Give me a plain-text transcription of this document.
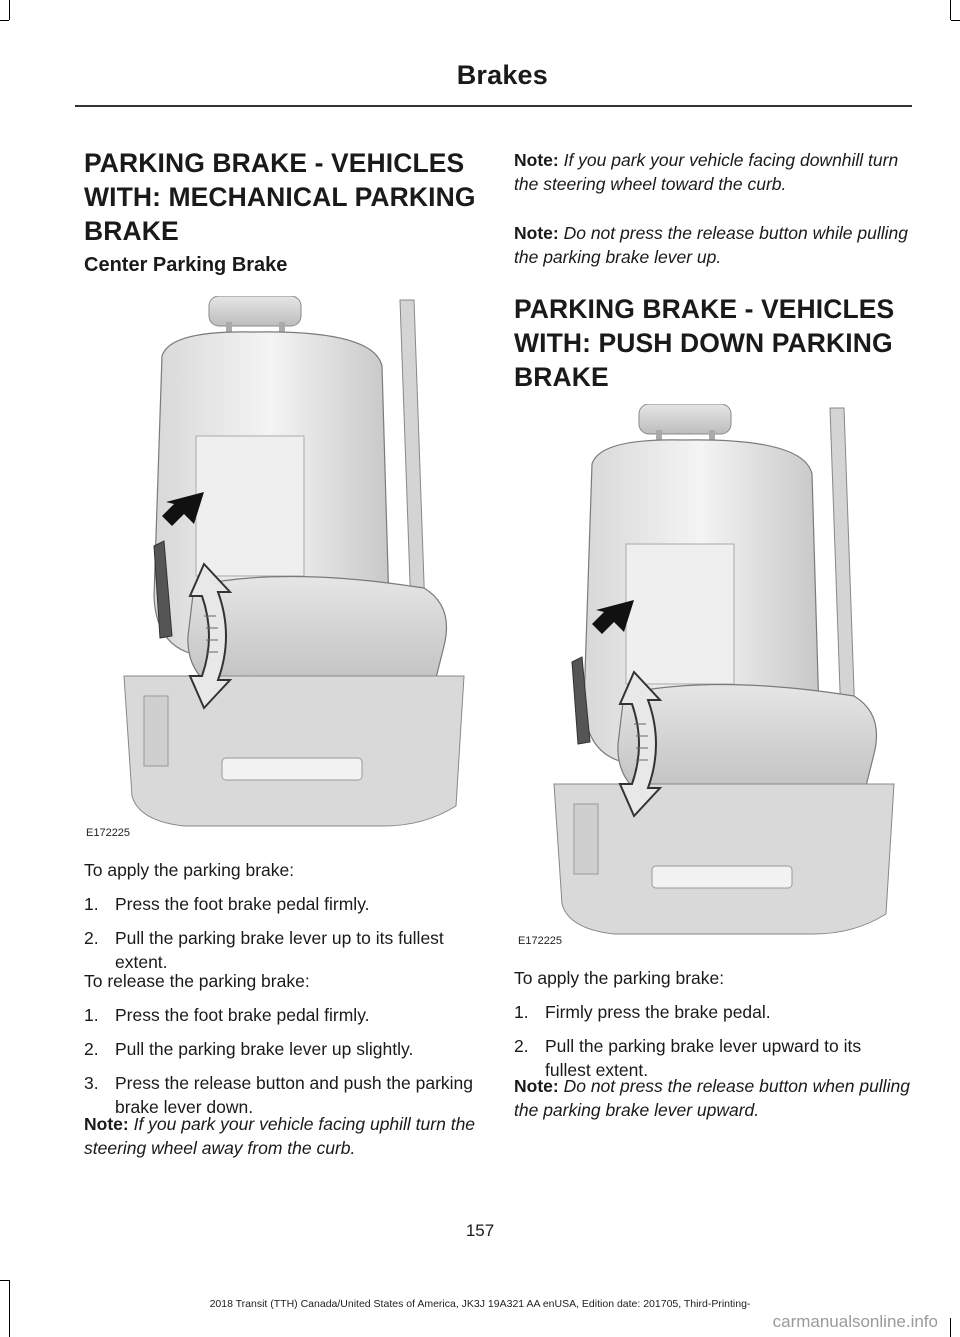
Brakes
PARKING BRAKE - VEHICLES
WITH: MECHANICAL PARKING
BRAKE
Center Parking Brake
E172225

To apply the parking brake:

1. Press the foot brake pedal firmly.
2. Pull the parking brake lever up to its fullest extent.

To release the parking brake:

1. Press the foot brake pedal firmly.
2. Pull the parking brake lever up slightly.
3. Press the release button and push the parking brake lever down.

Note: If you park your vehicle facing uphill turn the steering wheel away from the curb.

Note: If you park your vehicle facing downhill turn the steering wheel toward the curb.

Note: Do not press the release button while pulling the parking brake lever up.

PARKING BRAKE - VEHICLES
WITH: PUSH DOWN PARKING
BRAKE
E172225

To apply the parking brake:

1. Firmly press the brake pedal.
2. Pull the parking brake lever upward to its fullest extent.

Note: Do not press the release button when pulling the parking brake lever upward.

157
2018 Transit (TTH) Canada/United States of America, JK3J 19A321 AA enUSA, Edition date: 201705, Third-Printing-
carmanualsonline.info
